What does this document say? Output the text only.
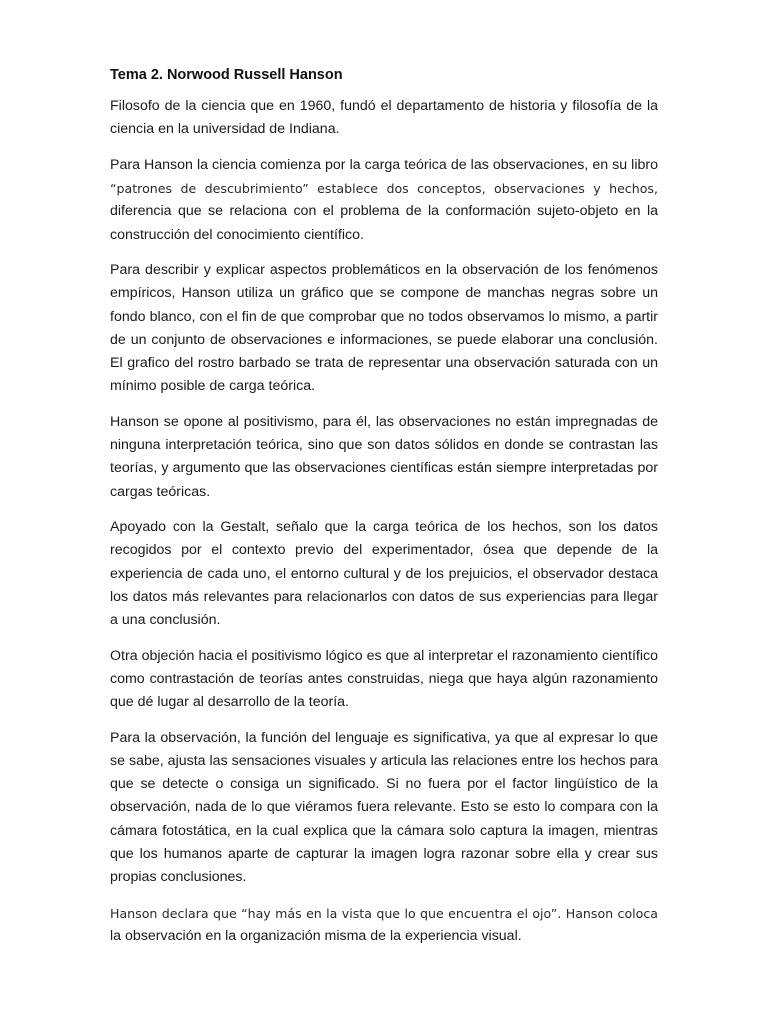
Tema 2. Norwood Russell Hanson
Filosofo de la ciencia que en 1960, fundó el departamento de historia y filosofía de la
ciencia en la universidad de Indiana.
Para Hanson la ciencia comienza por la carga teórica de las observaciones, en su libro
“patrones de descubrimiento” establece dos conceptos, observaciones y hechos,
diferencia que se relaciona con el problema de la conformación sujeto-objeto en la
construcción del conocimiento científico.
Para describir y explicar aspectos problemáticos en la observación de los fenómenos
empíricos, Hanson utiliza un gráfico que se compone de manchas negras sobre un
fondo blanco, con el fin de que comprobar que no todos observamos lo mismo, a partir
de un conjunto de observaciones e informaciones, se puede elaborar una conclusión.
El grafico del rostro barbado se trata de representar una observación saturada con un
mínimo posible de carga teórica.
Hanson se opone al positivismo, para él, las observaciones no están impregnadas de
ninguna interpretación teórica, sino que son datos sólidos en donde se contrastan las
teorías, y argumento que las observaciones científicas están siempre interpretadas por
cargas teóricas.
Apoyado con la Gestalt, señalo que la carga teórica de los hechos, son los datos
recogidos por el contexto previo del experimentador, ósea que depende de la
experiencia de cada uno, el entorno cultural y de los prejuicios, el observador destaca
los datos más relevantes para relacionarlos con datos de sus experiencias para llegar
a una conclusión.
Otra objeción hacia el positivismo lógico es que al interpretar el razonamiento científico
como contrastación de teorías antes construidas, niega que haya algún razonamiento
que dé lugar al desarrollo de la teoría.
Para la observación, la función del lenguaje es significativa, ya que al expresar lo que
se sabe, ajusta las sensaciones visuales y articula las relaciones entre los hechos para
que se detecte o consiga un significado. Si no fuera por el factor lingüístico de la
observación, nada de lo que viéramos fuera relevante. Esto se esto lo compara con la
cámara fotostática, en la cual explica que la cámara solo captura la imagen, mientras
que los humanos aparte de capturar la imagen logra razonar sobre ella y crear sus
propias conclusiones.
Hanson declara que “hay más en la vista que lo que encuentra el ojo”. Hanson coloca
la observación en la organización misma de la experiencia visual.
